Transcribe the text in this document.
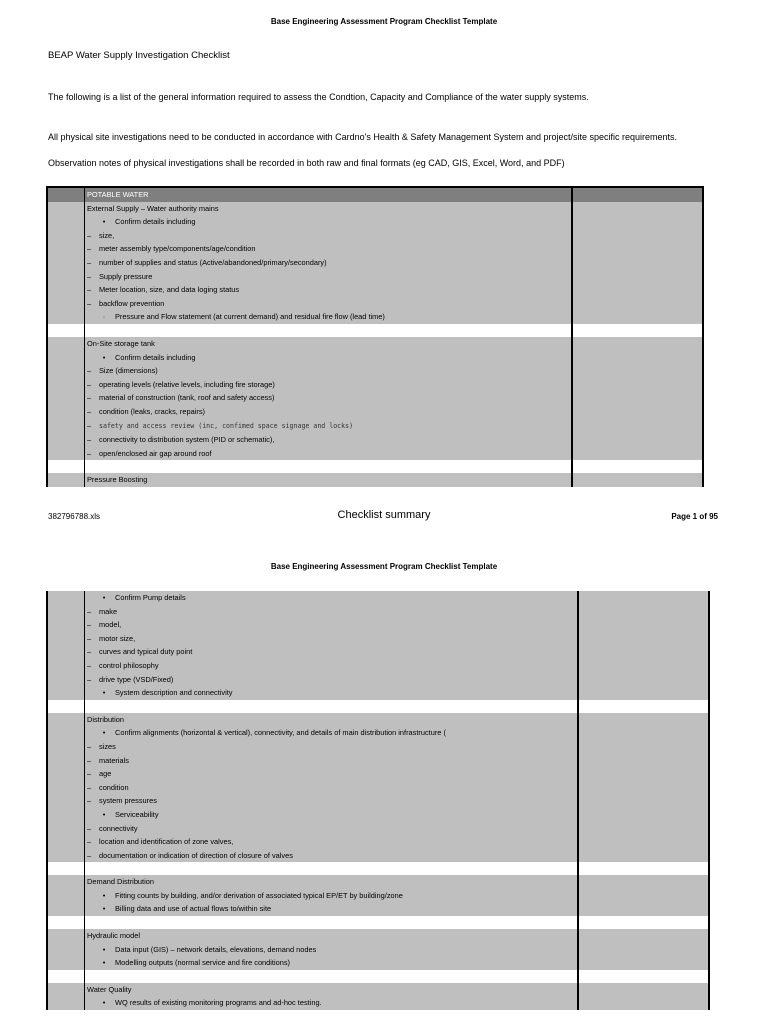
Base Engineering Assessment Program Checklist Template
BEAP Water Supply Investigation Checklist
The following is a list of the general information required to assess the Condtion, Capacity and Compliance of the water supply systems.
All physical site investigations need to be conducted in accordance with Cardno's Health & Safety Management System and project/site specific requirements.
Observation notes of physical investigations shall be recorded in both raw and final formats (eg CAD, GIS, Excel, Word, and PDF)
	POTABLE WATER	
	External Supply – Water authority mains	
	• Confirm details including	
	– size,	
	– meter assembly type/components/age/condition	
	– number of supplies and status (Active/abandoned/primary/secondary)	
	– Supply pressure	
	– Meter location, size, and data loging status	
	– backflow prevention	
	· Pressure and Flow statement (at current demand) and residual fire flow (lead time)	

	On-Site storage tank	
	• Confirm details including	
	– Size (dimensions)	
	– operating levels (relative levels, including fire storage)	
	– material of construction (tank, roof and safety access)	
	– condition (leaks, cracks, repairs)	
	– safety and access review (inc, confimed space signage and locks)	
	– connectivity to distribution system (PID or schematic),	
	– open/enclosed air gap around roof	

	Pressure Boosting	
382796788.xls	Checklist summary	Page 1 of 95
Base Engineering Assessment Program Checklist Template
	• Confirm Pump details	
	– make	
	– model,	
	– motor size,	
	– curves and typical duty point	
	– control philosophy	
	– drive type (VSD/Fixed)	
	• System description and connectivity	

	Distribution	
	• Confirm alignments (horizontal & vertical), connectivity, and details of main distribution infrastructure (	
	– sizes	
	– materials	
	– age	
	– condition	
	– system pressures	
	• Serviceability	
	– connectivity	
	– location and identification of zone valves,	
	– documentation or indication of direction of closure of valves	

	Demand Distribution	
	• Fitting counts by building, and/or derivation of associated typical EP/ET by building/zone	
	• Billing data and use of actual flows to/within site	

	Hydraulic model	
	• Data input (GIS) – network details, elevations, demand nodes	
	• Modelling outputs (normal service and fire conditions)	

	Water Quality	
	• WQ results of existing monitoring programs and ad-hoc testing.	
